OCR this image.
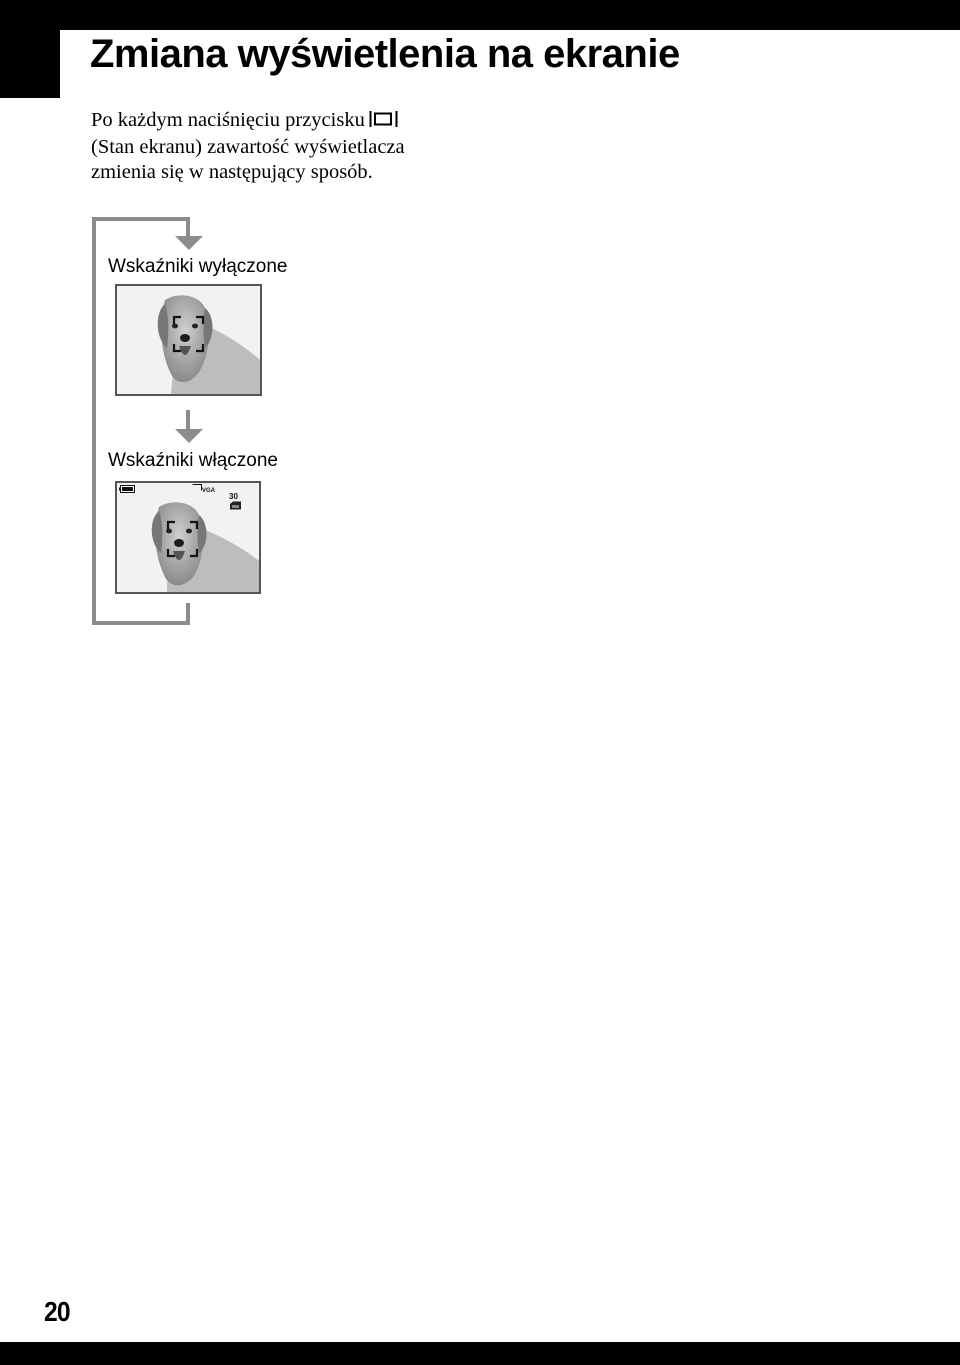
Zmiana wyświetlenia na ekranie

Po każdym naciśnięciu przycisku
(Stan ekranu) zawartość wyświetlacza
zmienia się w następujący sposób.

Wskaźniki wyłączone
Wskaźniki włączone
VGA
30
20
